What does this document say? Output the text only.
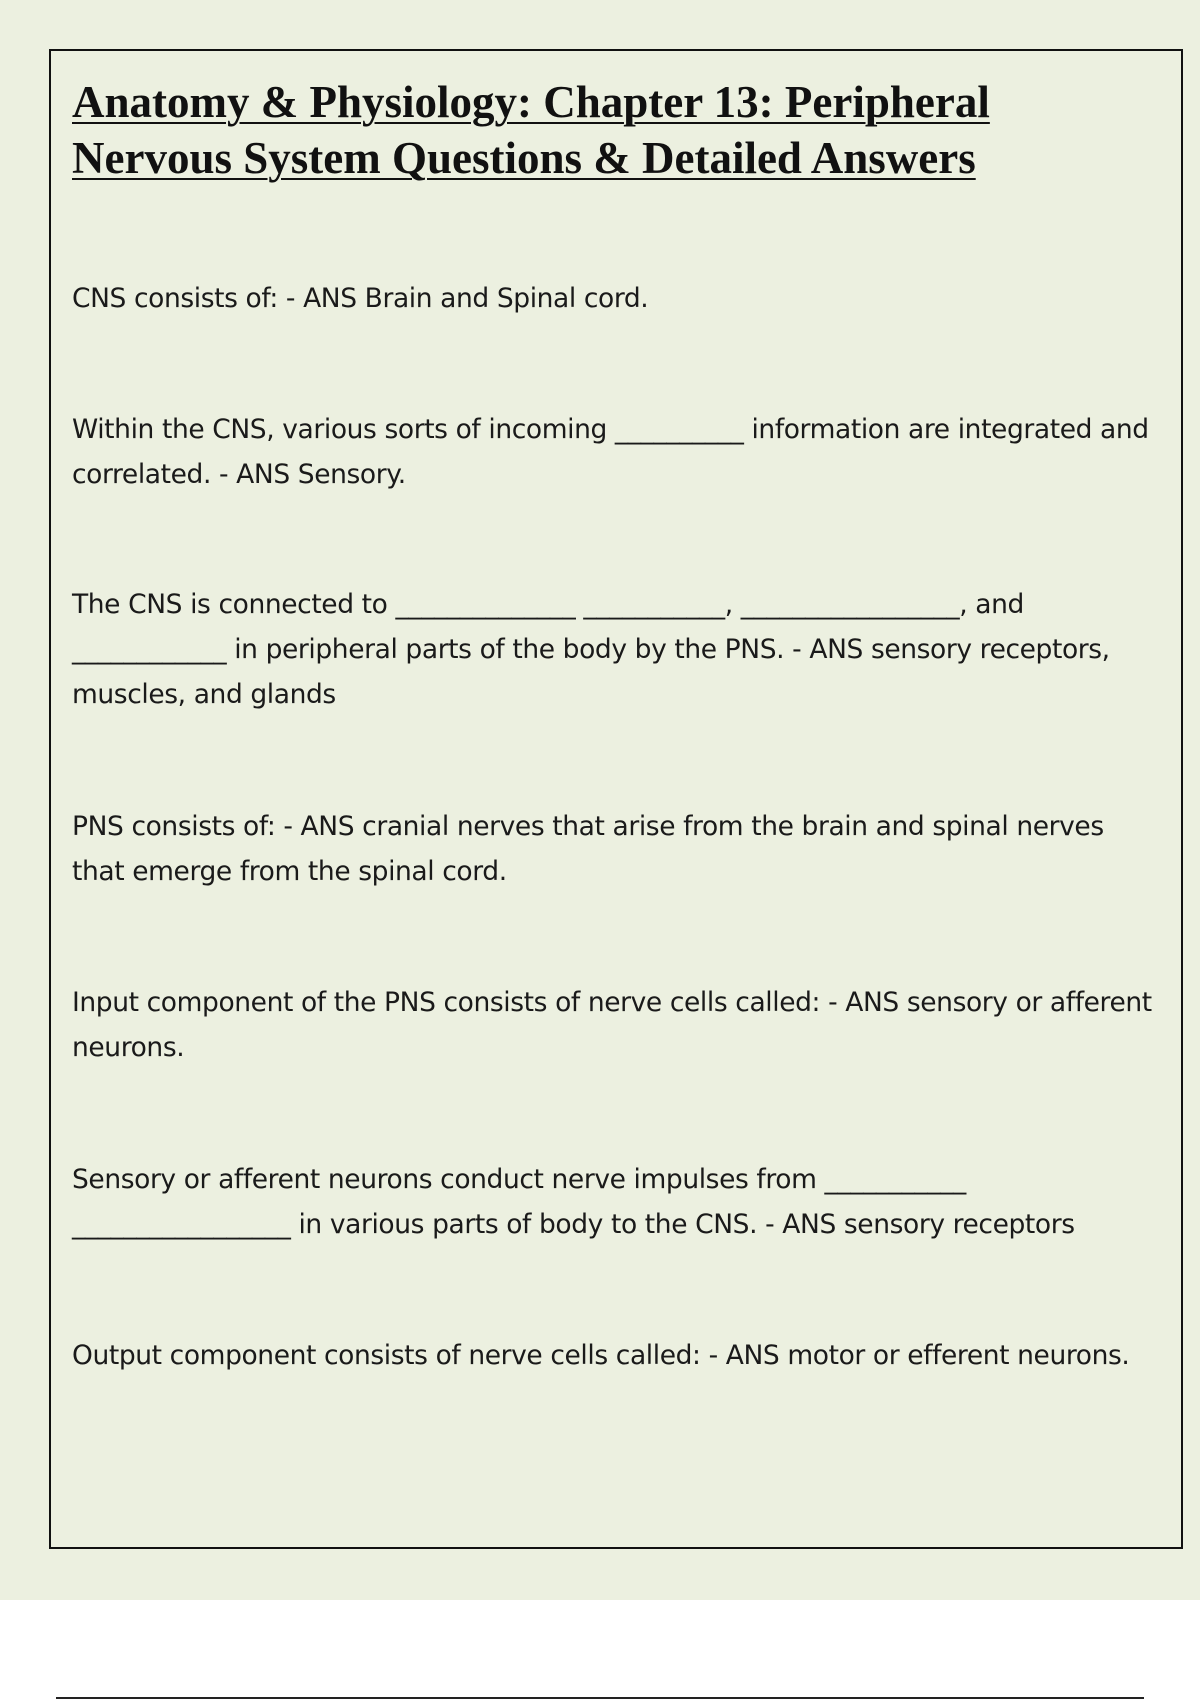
Anatomy & Physiology: Chapter 13: Peripheral Nervous System Questions & Detailed Answers

CNS consists of: - ANS Brain and Spinal cord.

Within the CNS, various sorts of incoming __________ information are integrated and correlated. - ANS Sensory.

The CNS is connected to ______________ ___________, _________________, and ____________ in peripheral parts of the body by the PNS. - ANS sensory receptors, muscles, and glands

PNS consists of: - ANS cranial nerves that arise from the brain and spinal nerves that emerge from the spinal cord.

Input component of the PNS consists of nerve cells called: - ANS sensory or afferent neurons.

Sensory or afferent neurons conduct nerve impulses from ___________ _________________ in various parts of body to the CNS. - ANS sensory receptors

Output component consists of nerve cells called: - ANS motor or efferent neurons.
